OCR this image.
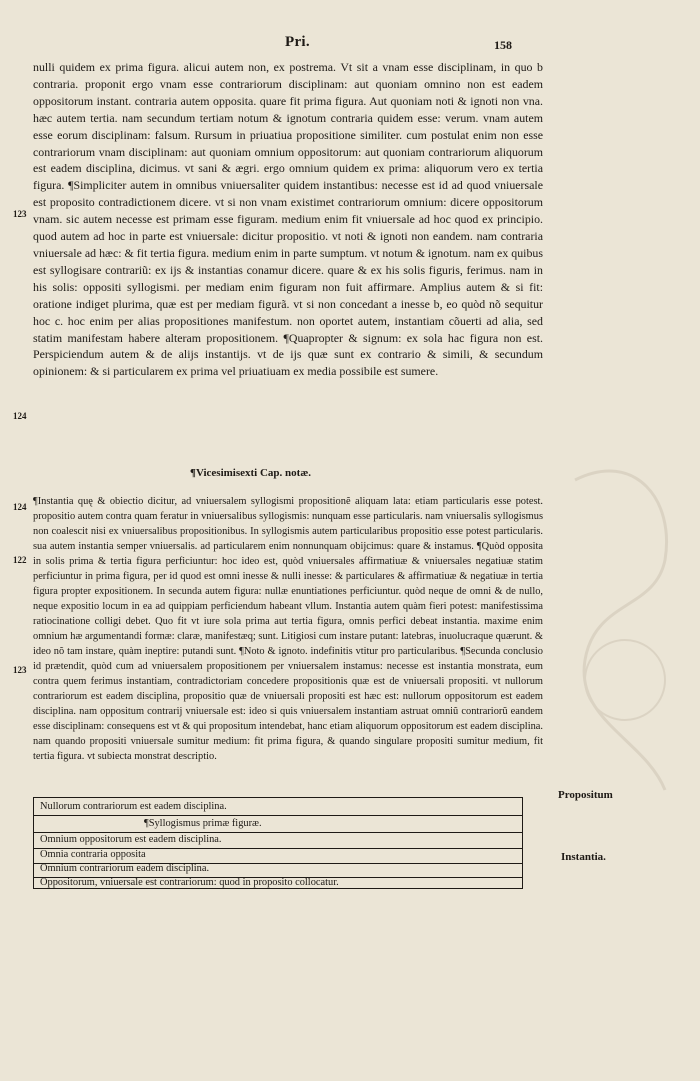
Pri.	158

nulli quidem ex prima figura. alicui autem non, ex postrema. Vt sit a vnam esse disciplinam, in quo b contraria. proponit ergo vnam esse contrariorum disciplinam: aut quoniam omnino non est eadem oppositorum instant. contraria autem opposita. quare fit prima figura. Aut quoniam noti & ignoti non vna. hæc autem tertia. nam secundum tertiam notum & ignotum contraria quidem esse: verum. vnam autem esse eorum disciplinam: falsum. Rursum in priuatiua propositione similiter. cum postulat enim non esse contrariorum vnam disciplinam: aut quoniam omnium oppositorum: aut quoniam contrariorum aliquorum est eadem disciplina, dicimus. vt sani & ægri. ergo omnium quidem ex prima: aliquorum vero ex tertia figura. ¶Simpliciter autem in omnibus vniuersaliter quidem instantibus: necesse est id ad quod vniuersale est proposito contradictionem dicere. vt si non vnam existimet contrariorum omnium: dicere oppositorum vnam. sic autem necesse est primam esse figuram. medium enim fit vniuersale ad hoc quod ex principio. quod autem ad hoc in parte est vniuersale: dicitur propositio. vt noti & ignoti non eandem. nam contraria vniuersale ad hæc: & fit tertia figura. medium enim in parte sumptum. vt notum & ignotum. nam ex quibus est syllogisare contrariũ: ex ijs & instantias conamur dicere. quare & ex his solis figuris, ferimus. nam in his solis: oppositi syllogismi. per mediam enim figuram non fuit affirmare. Amplius autem & si fit: oratione indiget plurima, quæ est per mediam figurã. vt si non concedant a inesse b, eo quòd nõ sequitur hoc c. hoc enim per alias propositiones manifestum. non oportet autem, instantiam cõuerti ad alia, sed statim manifestam habere alteram propositionem. ¶Quapropter & signum: ex sola hac figura non est. Perspiciendum autem & de alijs instantijs. vt de ijs quæ sunt ex contrario & simili, & secundum opinionem: & si particularem ex prima vel priuatiuam ex media possibile est sumere.

123
124
¶Vicesimisexti Cap. notæ.
124
122
123

¶Instantia quę & obiectio dicitur, ad vniuersalem syllogismi propositionẽ aliquam lata: etiam particularis esse potest. propositio autem contra quam feratur in vniuersalibus syllogismis: nunquam esse particularis. nam vniuersalis syllogismus non coalescit nisi ex vniuersalibus propositionibus. In syllogismis autem particularibus propositio esse potest particularis. sua autem instantia semper vniuersalis. ad particularem enim nonnunquam obijcimus: quare & instamus. ¶Quòd opposita in solis prima & tertia figura perficiuntur: hoc ideo est, quòd vniuersales affirmatiuæ & vniuersales negatiuæ statim perficiuntur in prima figura, per id quod est omni inesse & nulli inesse: & particulares & affirmatiuæ & negatiuæ in tertia figura propter expositionem. In secunda autem figura: nullæ enuntiationes perficiuntur. quòd neque de omni & de nullo, neque expositio locum in ea ad quippiam perficiendum habeant vllum. Instantia autem quàm fieri potest: manifestissima ratiocinatione colligi debet. Quo fit vt iure sola prima aut tertia figura, omnis perfici debeat instantia. maxime enim omnium hæ argumentandi formæ: claræ, manifestæq; sunt. Litigiosi cum instare putant: latebras, inuolucraque quærunt. & ideo nõ tam instare, quàm ineptire: putandi sunt. ¶Noto & ignoto. indefinitis vtitur pro particularibus. ¶Secunda conclusio id prætendit, quòd cum ad vniuersalem propositionem per vniuersalem instamus: necesse est instantia monstrata, eum contra quem ferimus instantiam, contradictoriam concedere propositionis quæ est de vniuersali propositi. vt nullorum contrariorum est eadem disciplina, propositio quæ de vniuersali propositi est hæc est: nullorum oppositorum est eadem disciplina. nam oppositum contrarij vniuersale est: ideo si quis vniuersalem instantiam astruat omniũ contrariorũ eandem esse disciplinam: consequens est vt & qui propositum intendebat, hanc etiam aliquorum oppositorum est eadem disciplina. nam quando propositi vniuersale sumitur medium: fit prima figura, & quando singulare propositi sumitur medium, fit tertia figura. vt subiecta monstrat descriptio.

Nullorum contrariorum est eadem disciplina.
¶Syllogismus primæ figuræ.
Omnium oppositorum est eadem disciplina.
Omnia contraria opposita
Omnium contrariorum eadem disciplina.
Oppositorum, vniuersale est contrariorum: quod in proposito collocatur.
Propositum
Instantia.
